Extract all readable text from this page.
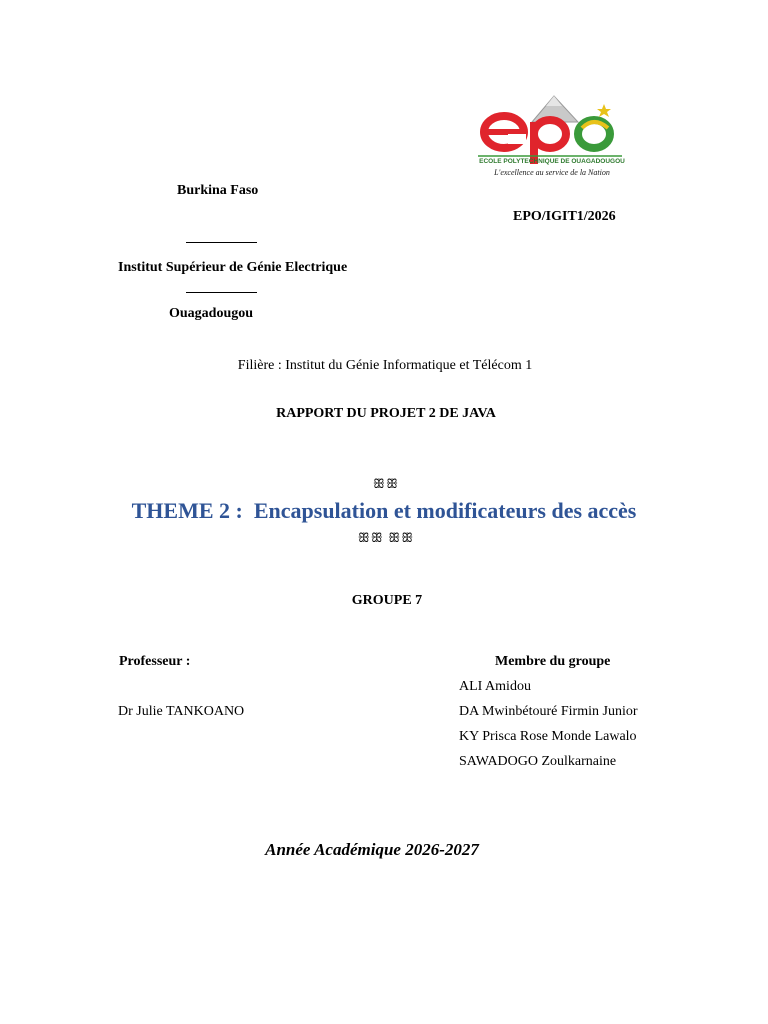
ECOLE POLYTECHNIQUE DE OUAGADOUGOU
L'excellence au service de la Nation
Burkina Faso
EPO/IGIT1/2026
Institut Supérieur de Génie Electrique
Ouagadougou
Filière : Institut du Génie Informatique et Télécom 1
RAPPORT DU PROJET 2 DE JAVA
ꕥꕥ
THEME 2 : Encapsulation et modificateurs des accès
ꕥꕥ ꕥꕥ
GROUPE 7
Professeur :
Dr Julie TANKOANO
Membre du groupe
ALI Amidou
DA Mwinbétouré Firmin Junior
KY Prisca Rose Monde Lawalo
SAWADOGO Zoulkarnaine
Année Académique 2026-2027
